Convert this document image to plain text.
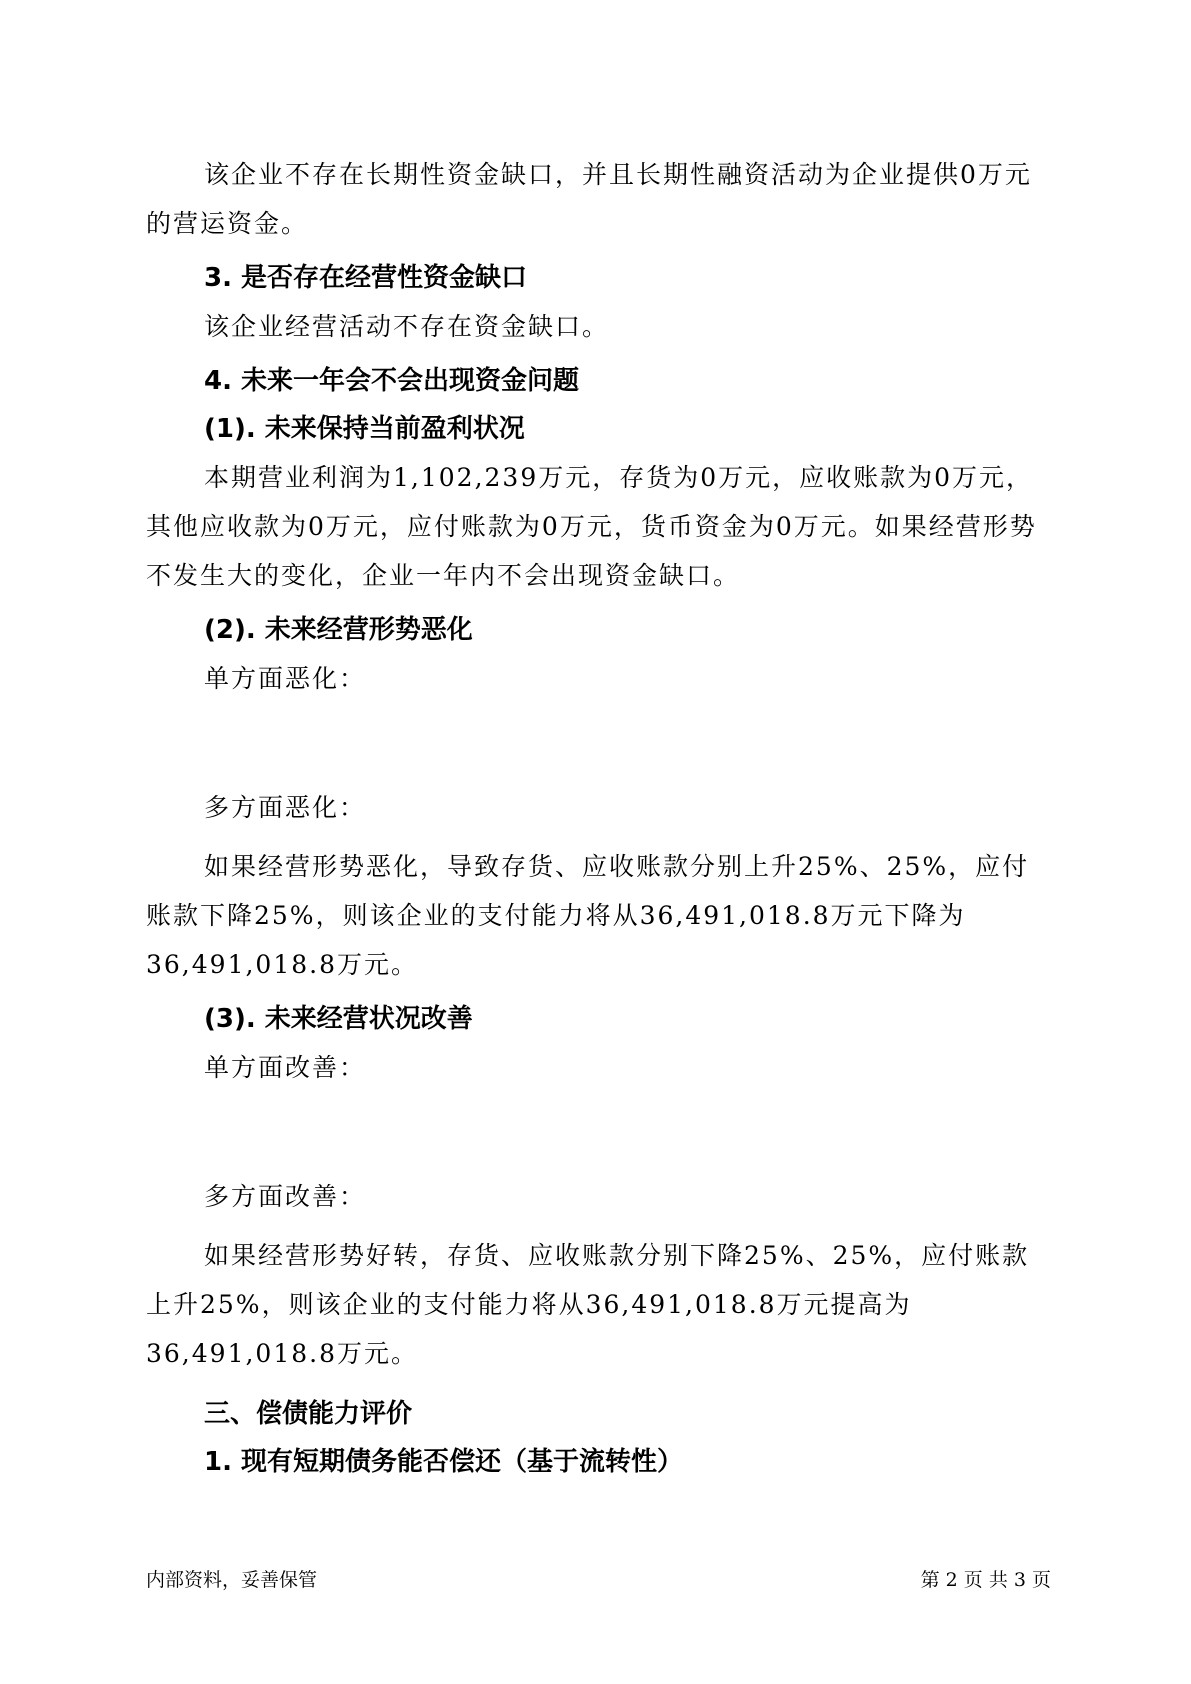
该企业不存在长期性资金缺口，并且长期性融资活动为企业提供0万元的营运资金。

3. 是否存在经营性资金缺口

该企业经营活动不存在资金缺口。

4. 未来一年会不会出现资金问题

(1). 未来保持当前盈利状况

本期营业利润为1,102,239万元，存货为0万元，应收账款为0万元，其他应收款为0万元，应付账款为0万元，货币资金为0万元。如果经营形势不发生大的变化，企业一年内不会出现资金缺口。

(2). 未来经营形势恶化

单方面恶化：

多方面恶化：

如果经营形势恶化，导致存货、应收账款分别上升25%、25%，应付账款下降25%，则该企业的支付能力将从36,491,018.8万元下降为36,491,018.8万元。

(3). 未来经营状况改善

单方面改善：

多方面改善：

如果经营形势好转，存货、应收账款分别下降25%、25%，应付账款上升25%，则该企业的支付能力将从36,491,018.8万元提高为36,491,018.8万元。

三、偿债能力评价

1. 现有短期债务能否偿还（基于流转性）

内部资料，妥善保管	第 2 页 共 3 页
